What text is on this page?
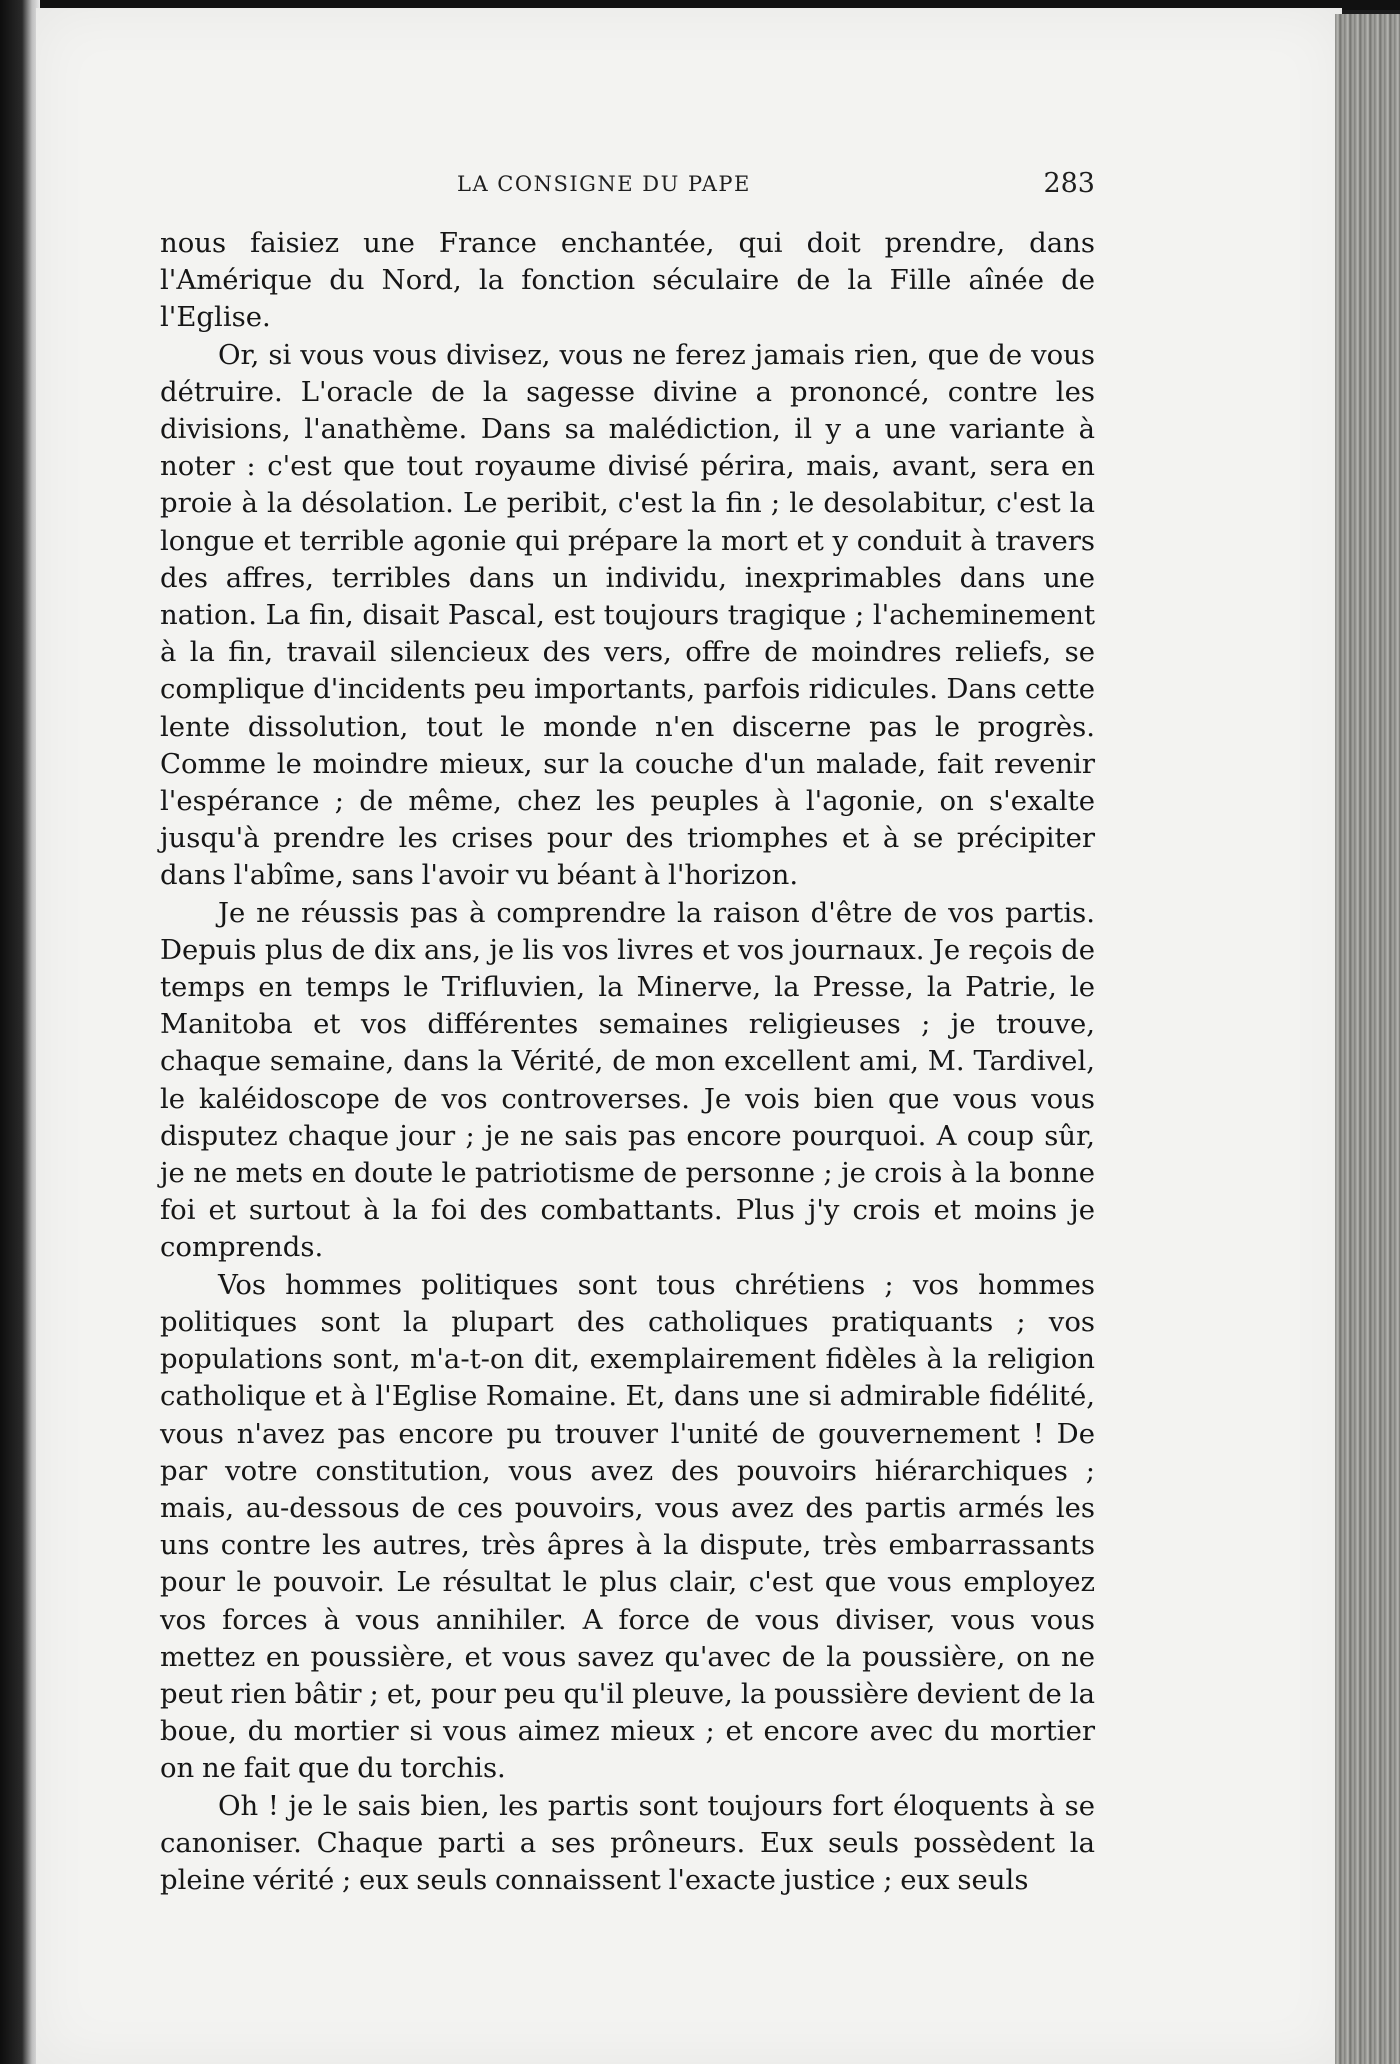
LA CONSIGNE DU PAPE	283

nous faisiez une France enchantée, qui doit prendre, dans l'Amérique du Nord, la fonction séculaire de la Fille aînée de l'Eglise.

Or, si vous vous divisez, vous ne ferez jamais rien, que de vous détruire. L'oracle de la sagesse divine a prononcé, contre les divisions, l'anathème. Dans sa malédiction, il y a une variante à noter : c'est que tout royaume divisé périra, mais, avant, sera en proie à la désolation. Le peribit, c'est la fin ; le desolabitur, c'est la longue et terrible agonie qui prépare la mort et y conduit à travers des affres, terribles dans un individu, inexprimables dans une nation. La fin, disait Pascal, est toujours tragique ; l'acheminement à la fin, travail silencieux des vers, offre de moindres reliefs, se complique d'incidents peu importants, parfois ridicules. Dans cette lente dissolution, tout le monde n'en discerne pas le progrès. Comme le moindre mieux, sur la couche d'un malade, fait revenir l'espérance ; de même, chez les peuples à l'agonie, on s'exalte jusqu'à prendre les crises pour des triomphes et à se précipiter dans l'abîme, sans l'avoir vu béant à l'horizon.

Je ne réussis pas à comprendre la raison d'être de vos partis. Depuis plus de dix ans, je lis vos livres et vos journaux. Je reçois de temps en temps le Trifluvien, la Minerve, la Presse, la Patrie, le Manitoba et vos différentes semaines religieuses ; je trouve, chaque semaine, dans la Vérité, de mon excellent ami, M. Tardivel, le kaléidoscope de vos controverses. Je vois bien que vous vous disputez chaque jour ; je ne sais pas encore pourquoi. A coup sûr, je ne mets en doute le patriotisme de personne ; je crois à la bonne foi et surtout à la foi des combattants. Plus j'y crois et moins je comprends.

Vos hommes politiques sont tous chrétiens ; vos hommes politiques sont la plupart des catholiques pratiquants ; vos populations sont, m'a-t-on dit, exemplairement fidèles à la religion catholique et à l'Eglise Romaine. Et, dans une si admirable fidélité, vous n'avez pas encore pu trouver l'unité de gouvernement ! De par votre constitution, vous avez des pouvoirs hiérarchiques ; mais, au-dessous de ces pouvoirs, vous avez des partis armés les uns contre les autres, très âpres à la dispute, très embarrassants pour le pouvoir. Le résultat le plus clair, c'est que vous employez vos forces à vous annihiler. A force de vous diviser, vous vous mettez en poussière, et vous savez qu'avec de la poussière, on ne peut rien bâtir ; et, pour peu qu'il pleuve, la poussière devient de la boue, du mortier si vous aimez mieux ; et encore avec du mortier on ne fait que du torchis.

Oh ! je le sais bien, les partis sont toujours fort éloquents à se canoniser. Chaque parti a ses prôneurs. Eux seuls possèdent la pleine vérité ; eux seuls connaissent l'exacte justice ; eux seuls
